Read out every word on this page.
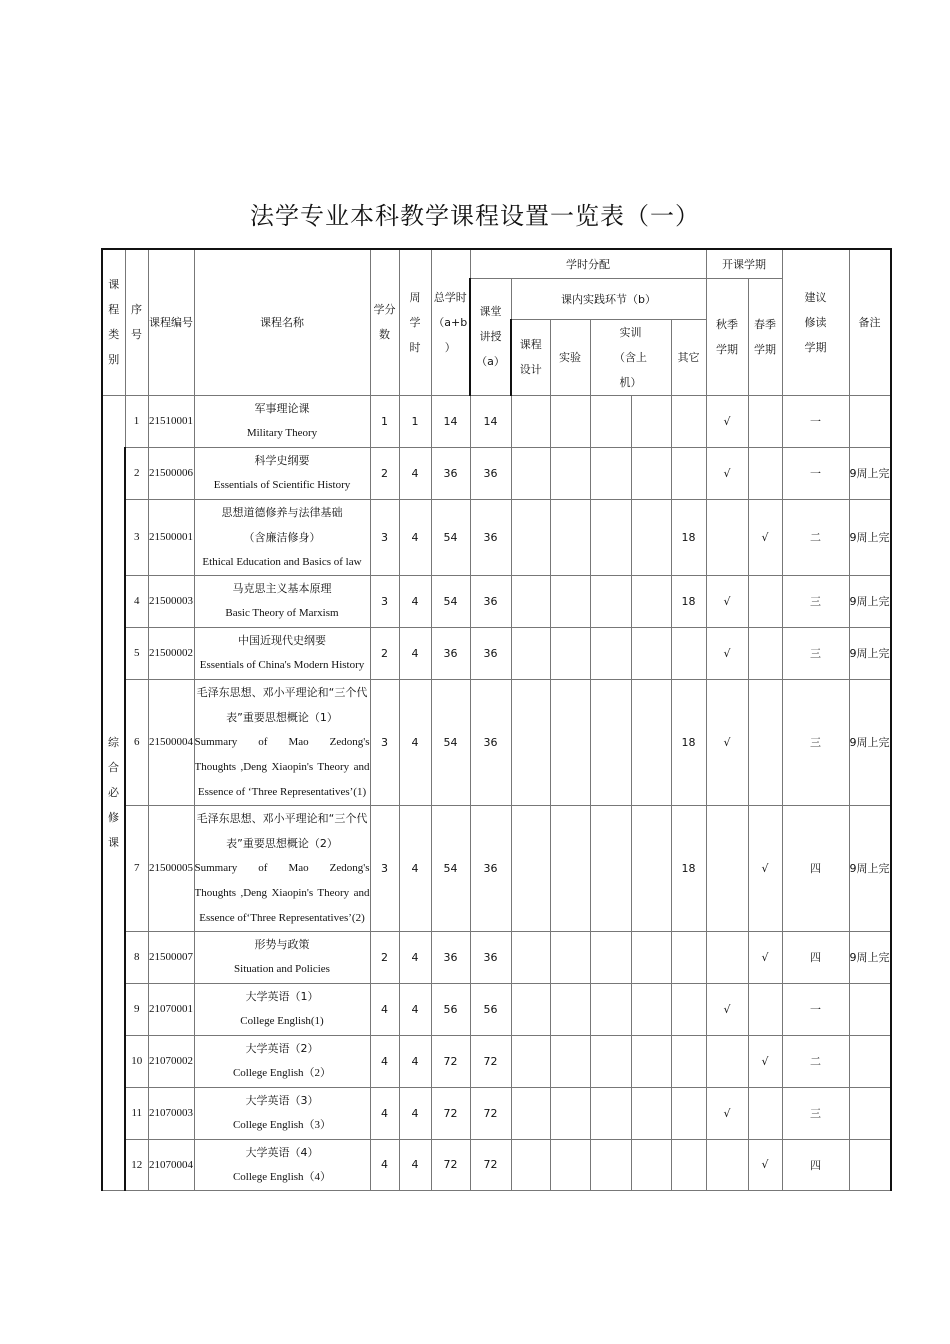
法学专业本科教学课程设置一览表（一）
课
程
类
别	序
号	课程编号	课程名称	学分
数	周
学
时	总学时
（a+b
）	学时分配						开课学期		建议
修读
学期	备注

							课堂
讲授
（a）	课内实践环节（b）					秋季
学期	春季
学期		

								课程
设计	实验	实训
（含上
机）		其它				

综
合
必
修
课	1	21510001	军事理论课
Military Theory	1	1	14	14						√		一	
	2	21500006	科学史纲要
Essentials of Scientific History	2	4	36	36						√		一	9周上完
	3	21500001	思想道德修养与法律基础
（含廉洁修身）
Ethical Education and Basics of law	3	4	54	36					18		√	二	9周上完
	4	21500003	马克思主义基本原理
Basic Theory of Marxism	3	4	54	36					18	√		三	9周上完
	5	21500002	中国近现代史纲要
Essentials of China's Modern History	2	4	36	36						√		三	9周上完
	6	21500004	毛泽东思想、邓小平理论和“三个代
表”重要思想概论（1）
Summary of Mao Zedong's
Thoughts ,Deng Xiaopin's Theory and
Essence of ‘Three Representatives’(1)	3	4	54	36					18	√		三	9周上完
	7	21500005	毛泽东思想、邓小平理论和“三个代
表”重要思想概论（2）
Summary of Mao Zedong's
Thoughts ,Deng Xiaopin's Theory and
Essence of‘Three Representatives’(2)	3	4	54	36					18		√	四	9周上完
	8	21500007	形势与政策
Situation and Policies	2	4	36	36							√	四	9周上完
	9	21070001	大学英语（1）
College English(1)	4	4	56	56						√		一	
	10	21070002	大学英语（2）
College English（2）	4	4	72	72							√	二	
	11	21070003	大学英语（3）
College English（3）	4	4	72	72						√		三	
	12	21070004	大学英语（4）
College English（4）	4	4	72	72							√	四	
